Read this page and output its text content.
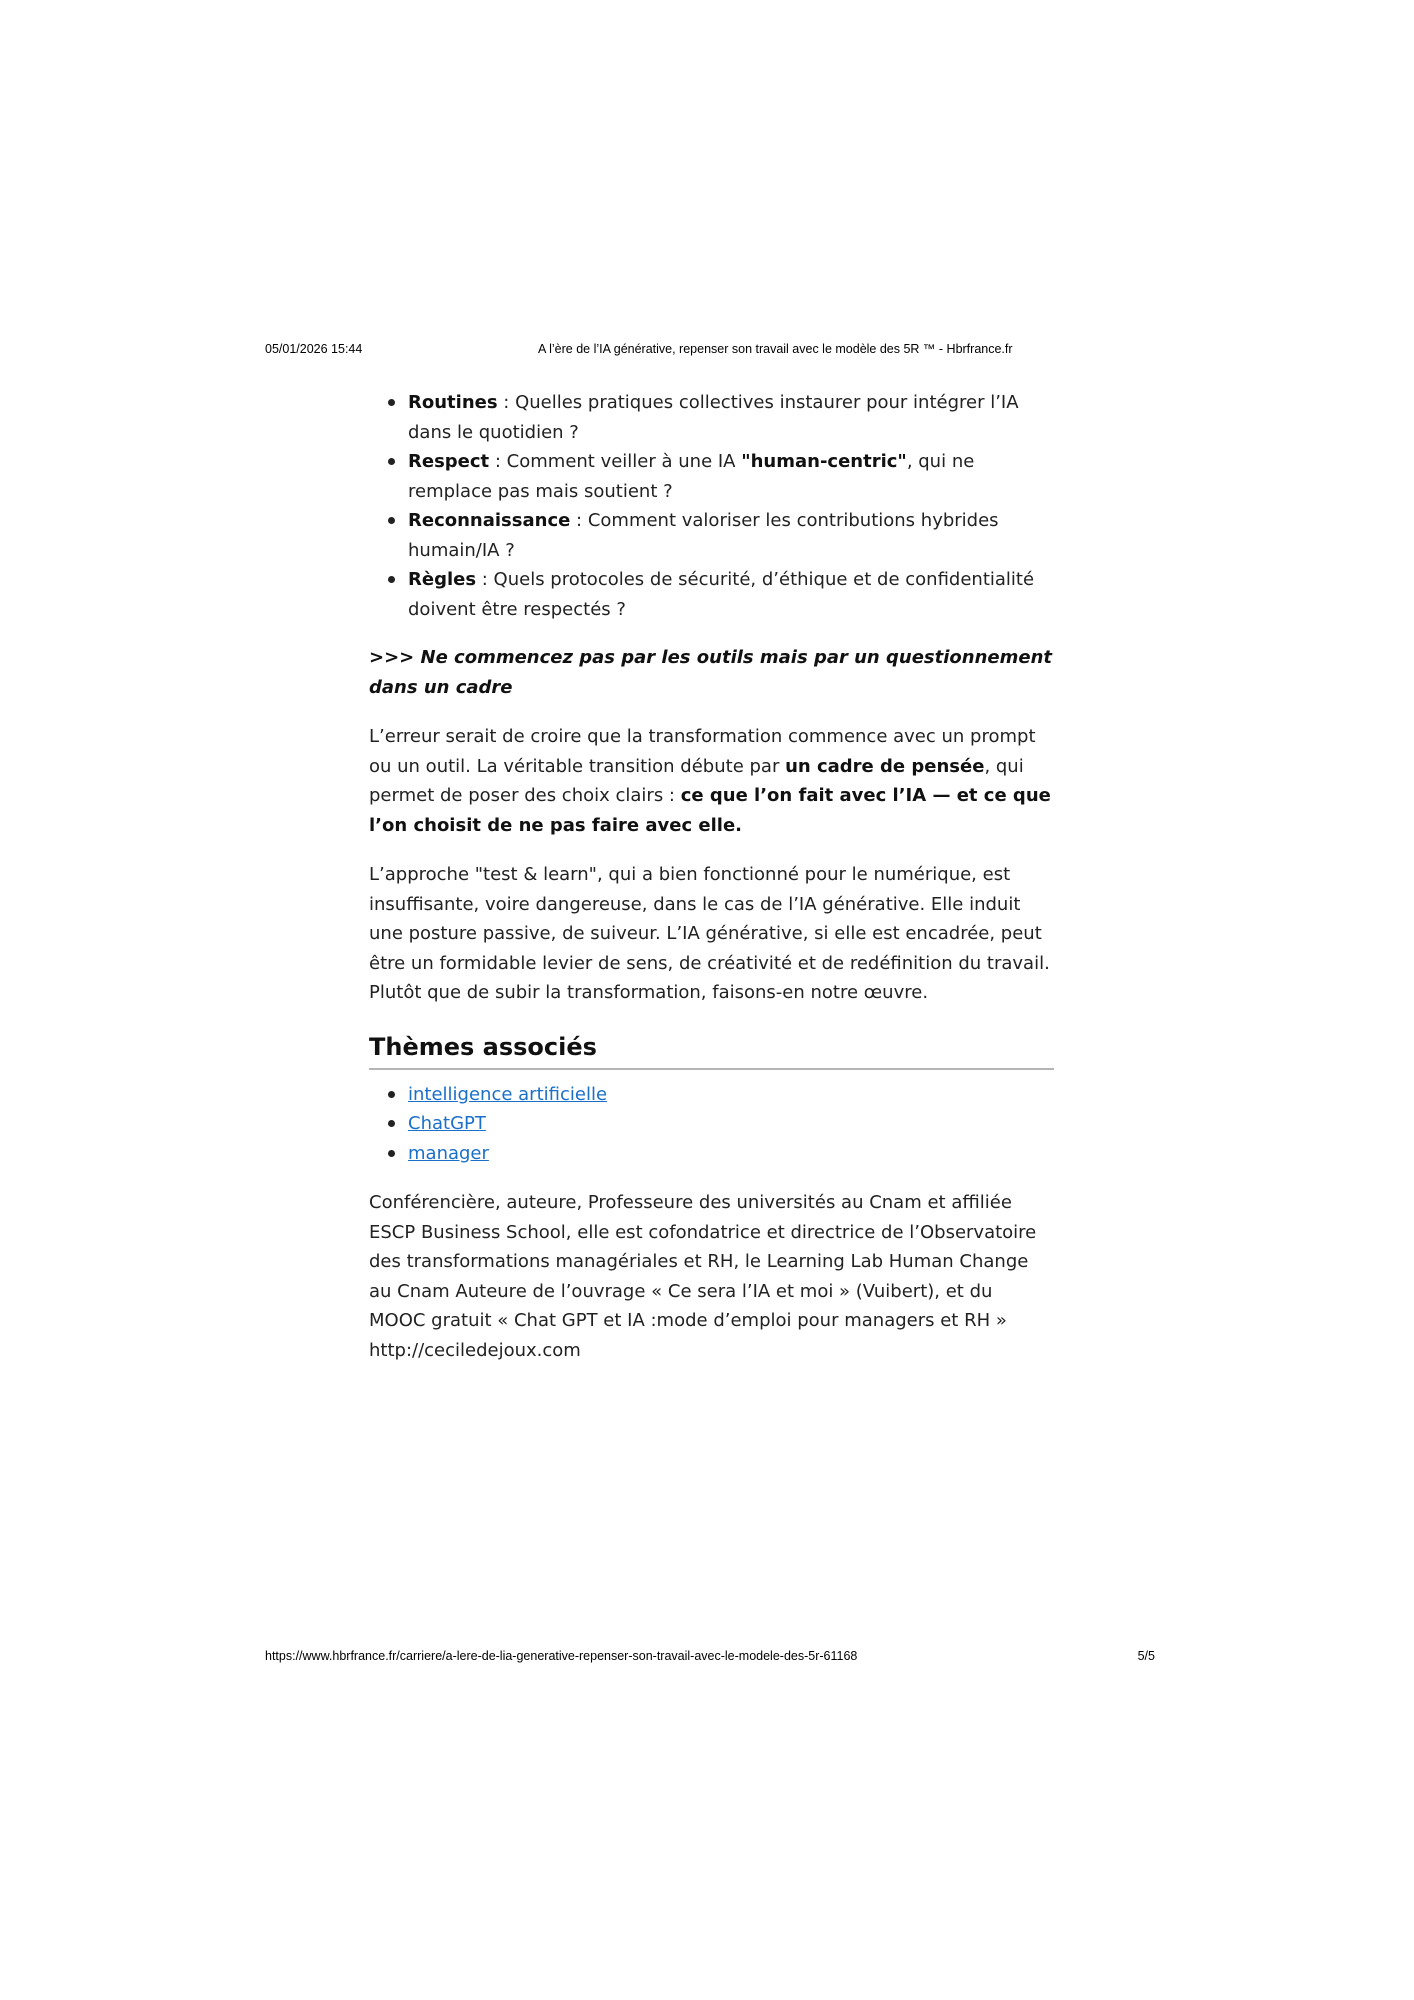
05/01/2026 15:44	A l’ère de l’IA générative, repenser son travail avec le modèle des 5R ™ - Hbrfrance.fr
Routines : Quelles pratiques collectives instaurer pour intégrer l’IA dans le quotidien ?
Respect : Comment veiller à une IA "human-centric", qui ne remplace pas mais soutient ?
Reconnaissance : Comment valoriser les contributions hybrides humain/IA ?
Règles : Quels protocoles de sécurité, d’éthique et de confidentialité doivent être respectés ?

>>> Ne commencez pas par les outils mais par un questionnement dans un cadre

L’erreur serait de croire que la transformation commence avec un prompt ou un outil. La véritable transition débute par un cadre de pensée, qui permet de poser des choix clairs : ce que l’on fait avec l’IA — et ce que l’on choisit de ne pas faire avec elle.

L’approche "test & learn", qui a bien fonctionné pour le numérique, est insuffisante, voire dangereuse, dans le cas de l’IA générative. Elle induit une posture passive, de suiveur. L’IA générative, si elle est encadrée, peut être un formidable levier de sens, de créativité et de redéfinition du travail. Plutôt que de subir la transformation, faisons-en notre œuvre.

Thèmes associés
intelligence artificielle
ChatGPT
manager

Conférencière, auteure, Professeure des universités au Cnam et affiliée ESCP Business School, elle est cofondatrice et directrice de l’Observatoire des transformations managériales et RH, le Learning Lab Human Change au Cnam Auteure de l’ouvrage « Ce sera l’IA et moi » (Vuibert), et du MOOC gratuit « Chat GPT et IA :mode d’emploi pour managers et RH » http://ceciledejoux.com

https://www.hbrfrance.fr/carriere/a-lere-de-lia-generative-repenser-son-travail-avec-le-modele-des-5r-61168	5/5
